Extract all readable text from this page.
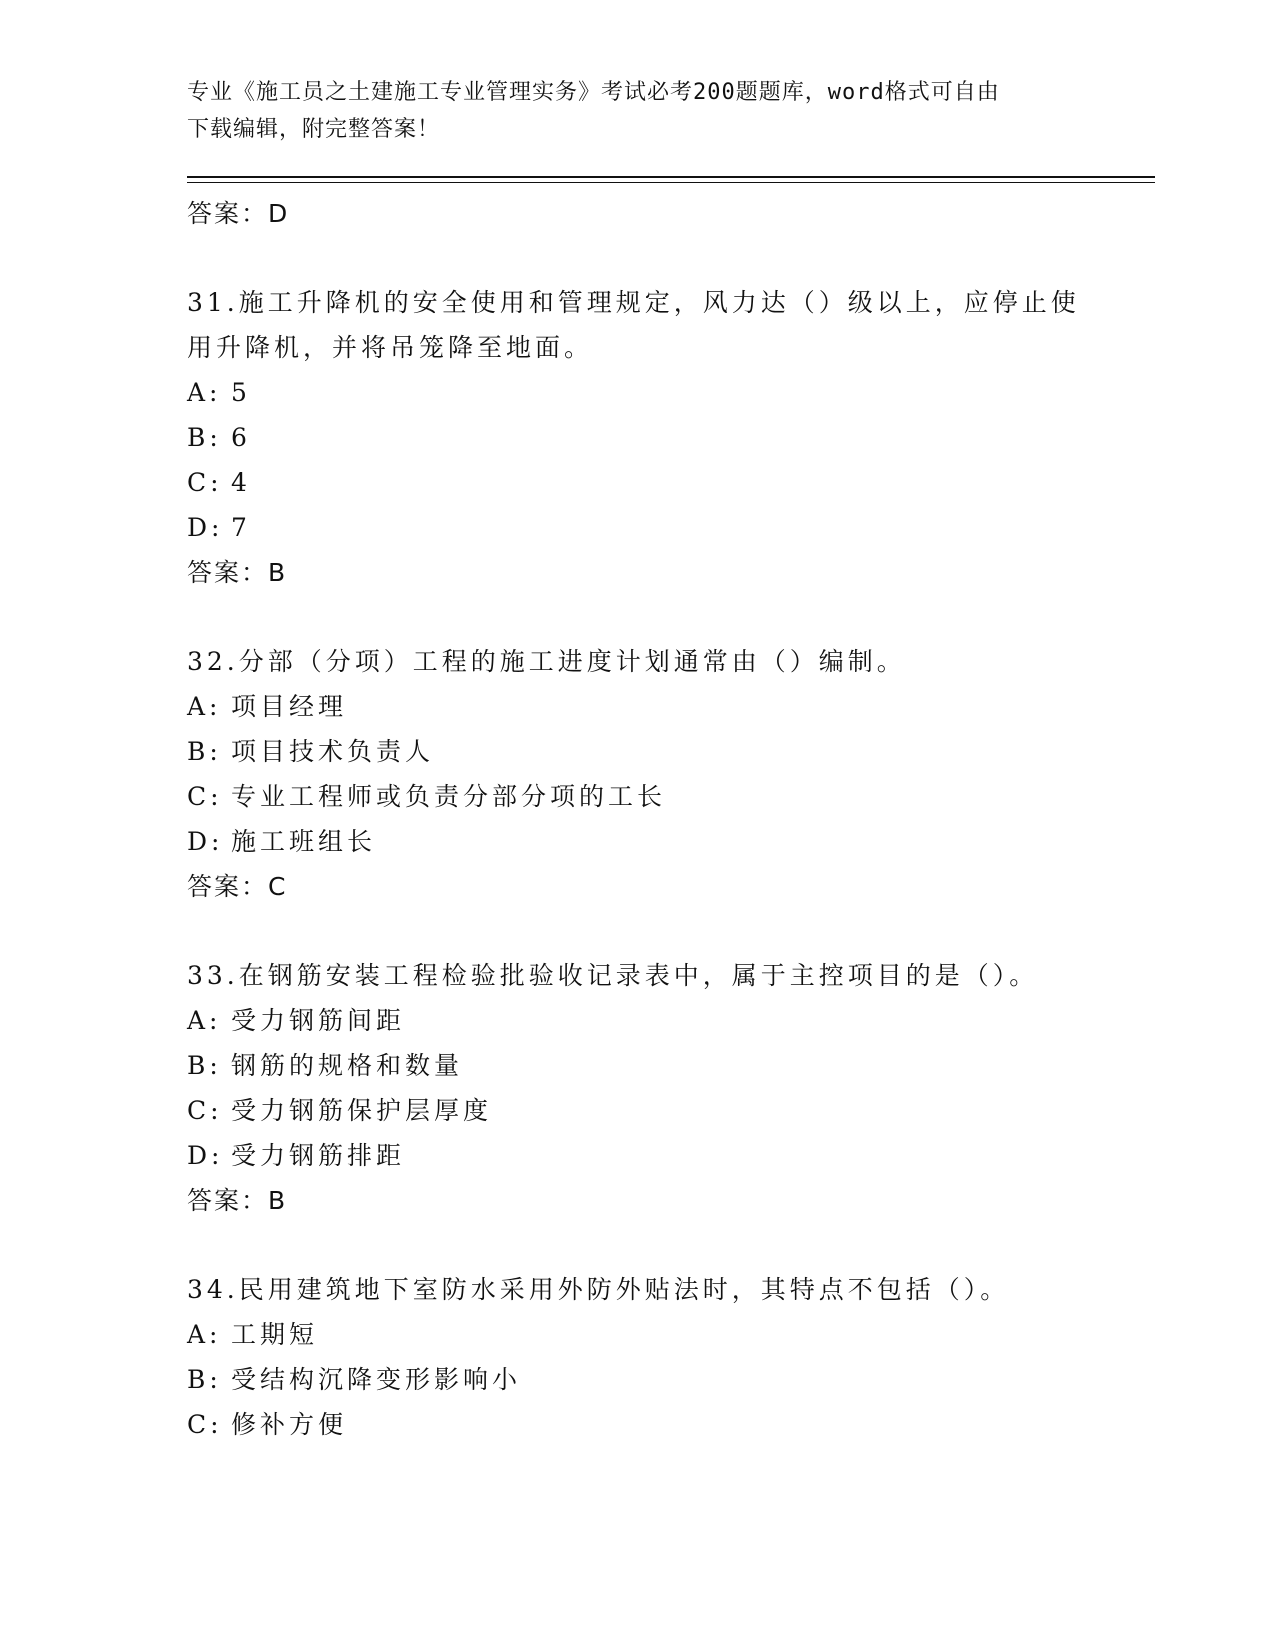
专业《施工员之土建施工专业管理实务》考试必考200题题库，word格式可自由
下载编辑，附完整答案！
答案：D
31.施工升降机的安全使用和管理规定，风力达（）级以上，应停止使
用升降机，并将吊笼降至地面。
A: 5
B: 6
C: 4
D: 7
答案：B
32.分部（分项）工程的施工进度计划通常由（）编制。
A: 项目经理
B: 项目技术负责人
C: 专业工程师或负责分部分项的工长
D: 施工班组长
答案：C
33.在钢筋安装工程检验批验收记录表中，属于主控项目的是（）。
A: 受力钢筋间距
B: 钢筋的规格和数量
C: 受力钢筋保护层厚度
D: 受力钢筋排距
答案：B
34.民用建筑地下室防水采用外防外贴法时，其特点不包括（）。
A: 工期短
B: 受结构沉降变形影响小
C: 修补方便
